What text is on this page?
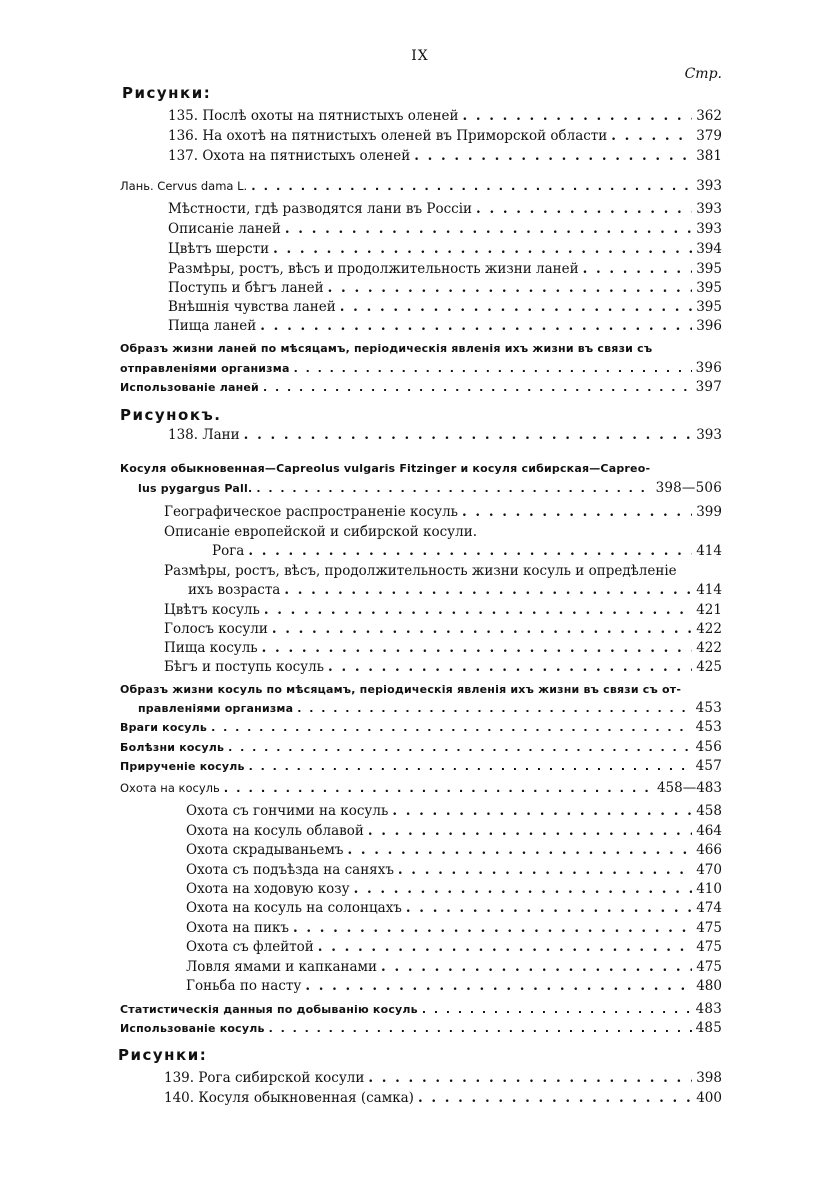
IX
Стр.
Рисунки:
135. Послѣ охоты на пятнистыхъ оленей . . .	362
136. На охотѣ на пятнистыхъ оленей въ Приморской области . . .	379
137. Охота на пятнистыхъ оленей . . .	381
Лань. Cervus dama L. . . .	393
Мѣстности, гдѣ разводятся лани въ Россіи . . .	393
Описаніе ланей . . .	393
Цвѣтъ шерсти . . .	394
Размѣры, ростъ, вѣсъ и продолжительность жизни ланей . . .	395
Поступь и бѣгъ ланей . . .	395
Внѣшнія чувства ланей . . .	395
Пища ланей . . .	396
Образъ жизни ланей по мѣсяцамъ, періодическія явленія ихъ жизни въ связи съ
отправленіями организма . . .	396
Использованіе ланей . . .	397
Рисунокъ.
138. Лани . . .	393
Косуля обыкновенная—Capreolus vulgaris Fitzinger и косуля сибирская—Capreo-
lus pygargus Pall. . . .	398—506
Географическое распространеніе косуль . . .	399
Описаніе европейской и сибирской косули.
Рога . . .	414
Размѣры, ростъ, вѣсъ, продолжительность жизни косуль и опредѣленіе
ихъ возраста . . .	414
Цвѣтъ косуль . . .	421
Голосъ косули . . .	422
Пища косуль . . .	422
Бѣгъ и поступь косуль . . .	425
Образъ жизни косуль по мѣсяцамъ, періодическія явленія ихъ жизни въ связи съ от-
правленіями организма . . .	453
Враги косуль . . .	453
Болѣзни косуль . . .	456
Прирученіе косуль . . .	457
Охота на косуль . . .	458—483
Охота съ гончими на косуль . . .	458
Охота на косуль облавой . . .	464
Охота скрадываньемъ . . .	466
Охота съ подъѣзда на саняхъ . . .	470
Охота на ходовую козу . . .	410
Охота на косуль на солонцахъ . . .	474
Охота на пикъ . . .	475
Охота съ флейтой . . .	475
Ловля ямами и капканами . . .	475
Гоньба по насту . . .	480
Статистическія данныя по добыванію косуль . . .	483
Использованіе косуль . . .	485
Рисунки:
139. Рога сибирской косули . . .	398
140. Косуля обыкновенная (самка) . . .	400
